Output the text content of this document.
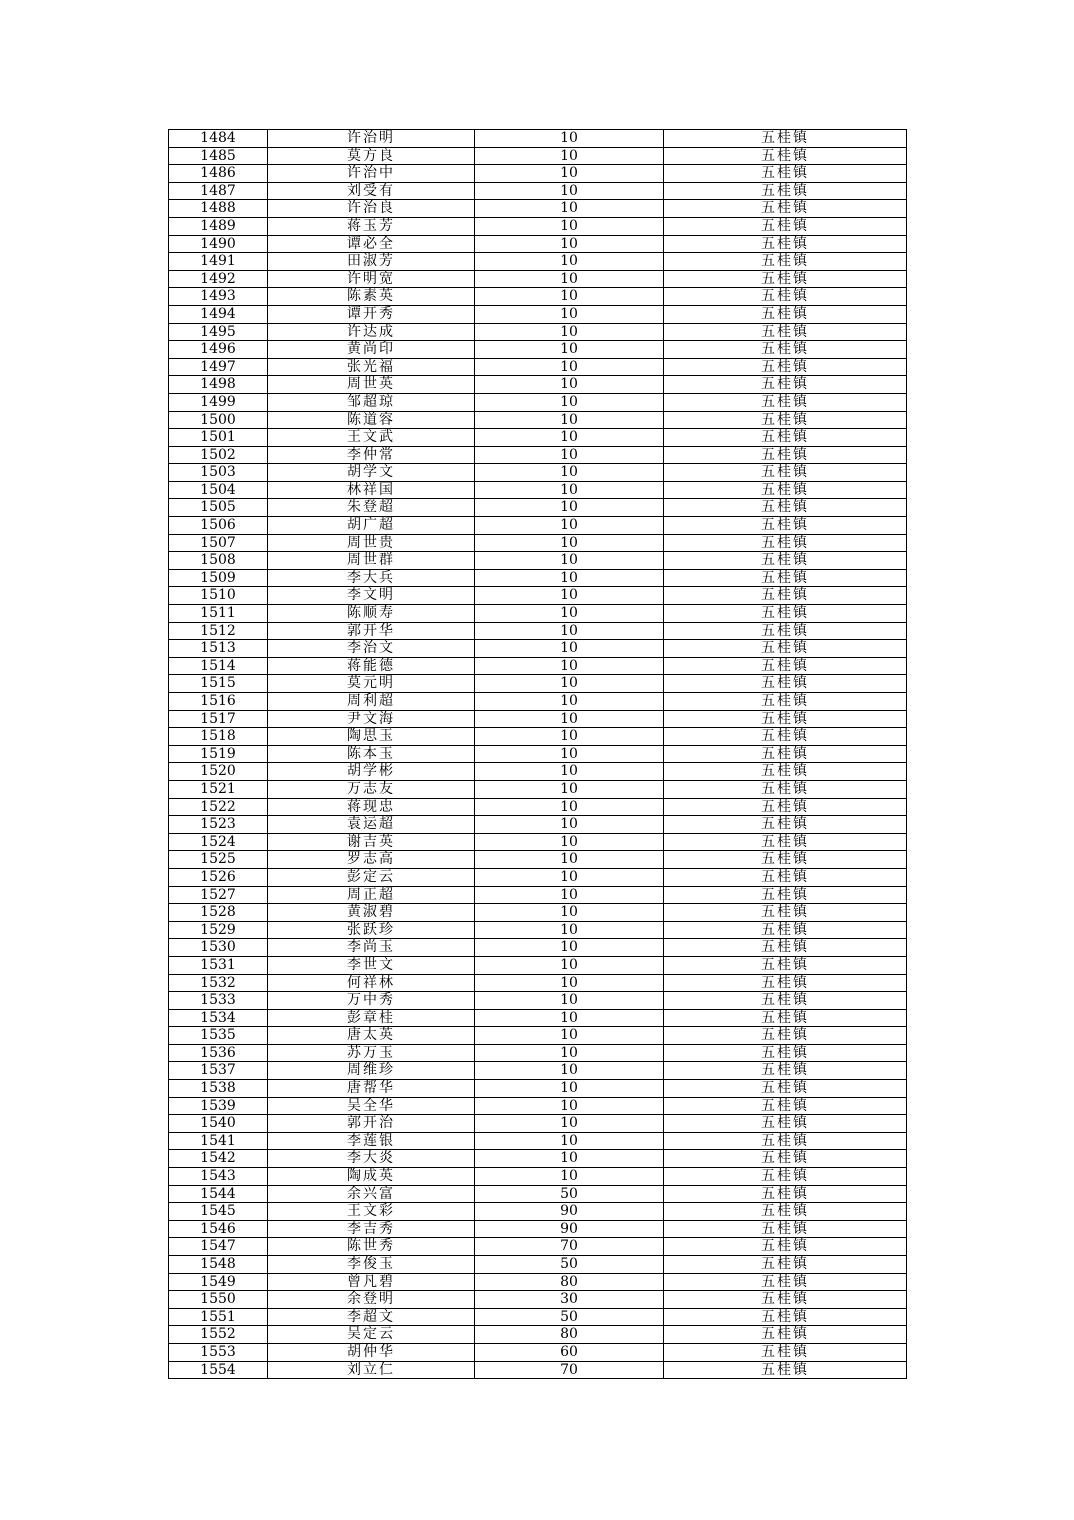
1484	许治明	10	五桂镇
1485	莫方良	10	五桂镇
1486	许治中	10	五桂镇
1487	刘受有	10	五桂镇
1488	许治良	10	五桂镇
1489	蒋玉芳	10	五桂镇
1490	谭必全	10	五桂镇
1491	田淑芳	10	五桂镇
1492	许明宽	10	五桂镇
1493	陈素英	10	五桂镇
1494	谭开秀	10	五桂镇
1495	许达成	10	五桂镇
1496	黄尚印	10	五桂镇
1497	张光福	10	五桂镇
1498	周世英	10	五桂镇
1499	邹超琼	10	五桂镇
1500	陈道容	10	五桂镇
1501	王文武	10	五桂镇
1502	李仲常	10	五桂镇
1503	胡学文	10	五桂镇
1504	林祥国	10	五桂镇
1505	朱登超	10	五桂镇
1506	胡广超	10	五桂镇
1507	周世贵	10	五桂镇
1508	周世群	10	五桂镇
1509	李大兵	10	五桂镇
1510	李文明	10	五桂镇
1511	陈顺寿	10	五桂镇
1512	郭开华	10	五桂镇
1513	李治文	10	五桂镇
1514	蒋能德	10	五桂镇
1515	莫元明	10	五桂镇
1516	周利超	10	五桂镇
1517	尹文海	10	五桂镇
1518	陶思玉	10	五桂镇
1519	陈本玉	10	五桂镇
1520	胡学彬	10	五桂镇
1521	万志友	10	五桂镇
1522	蒋现忠	10	五桂镇
1523	袁运超	10	五桂镇
1524	谢吉英	10	五桂镇
1525	罗志高	10	五桂镇
1526	彭定云	10	五桂镇
1527	周正超	10	五桂镇
1528	黄淑碧	10	五桂镇
1529	张跃珍	10	五桂镇
1530	李尚玉	10	五桂镇
1531	李世文	10	五桂镇
1532	何祥林	10	五桂镇
1533	万中秀	10	五桂镇
1534	彭章桂	10	五桂镇
1535	唐太英	10	五桂镇
1536	苏万玉	10	五桂镇
1537	周维珍	10	五桂镇
1538	唐帮华	10	五桂镇
1539	吴全华	10	五桂镇
1540	郭开治	10	五桂镇
1541	李莲银	10	五桂镇
1542	李大炎	10	五桂镇
1543	陶成英	10	五桂镇
1544	余兴富	50	五桂镇
1545	王文彩	90	五桂镇
1546	李吉秀	90	五桂镇
1547	陈世秀	70	五桂镇
1548	李俊玉	50	五桂镇
1549	曾凡碧	80	五桂镇
1550	余登明	30	五桂镇
1551	李超文	50	五桂镇
1552	吴定云	80	五桂镇
1553	胡仲华	60	五桂镇
1554	刘立仁	70	五桂镇
